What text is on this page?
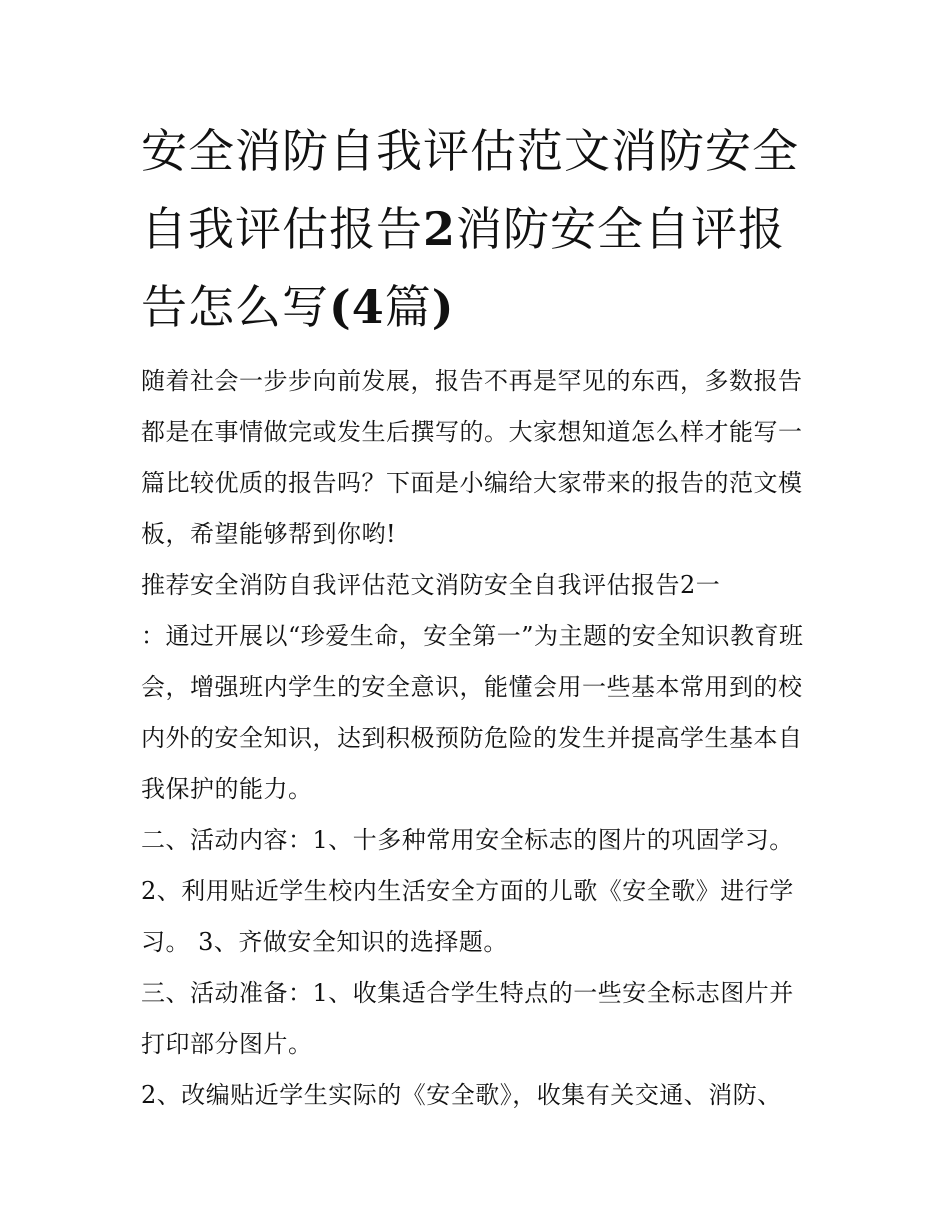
安全消防自我评估范文消防安全自我评估报告2消防安全自评报告怎么写(4篇)

随着社会一步步向前发展，报告不再是罕见的东西，多数报告都是在事情做完或发生后撰写的。大家想知道怎么样才能写一篇比较优质的报告吗？下面是小编给大家带来的报告的范文模板，希望能够帮到你哟!

推荐安全消防自我评估范文消防安全自我评估报告2一

：通过开展以“珍爱生命，安全第一”为主题的安全知识教育班会，增强班内学生的安全意识，能懂会用一些基本常用到的校内外的安全知识，达到积极预防危险的发生并提高学生基本自我保护的能力。

二、活动内容：1、十多种常用安全标志的图片的巩固学习。

2、利用贴近学生校内生活安全方面的儿歌《安全歌》进行学习。 3、齐做安全知识的选择题。

三、活动准备：1、收集适合学生特点的一些安全标志图片并打印部分图片。

2、改编贴近学生实际的《安全歌》，收集有关交通、消防、
